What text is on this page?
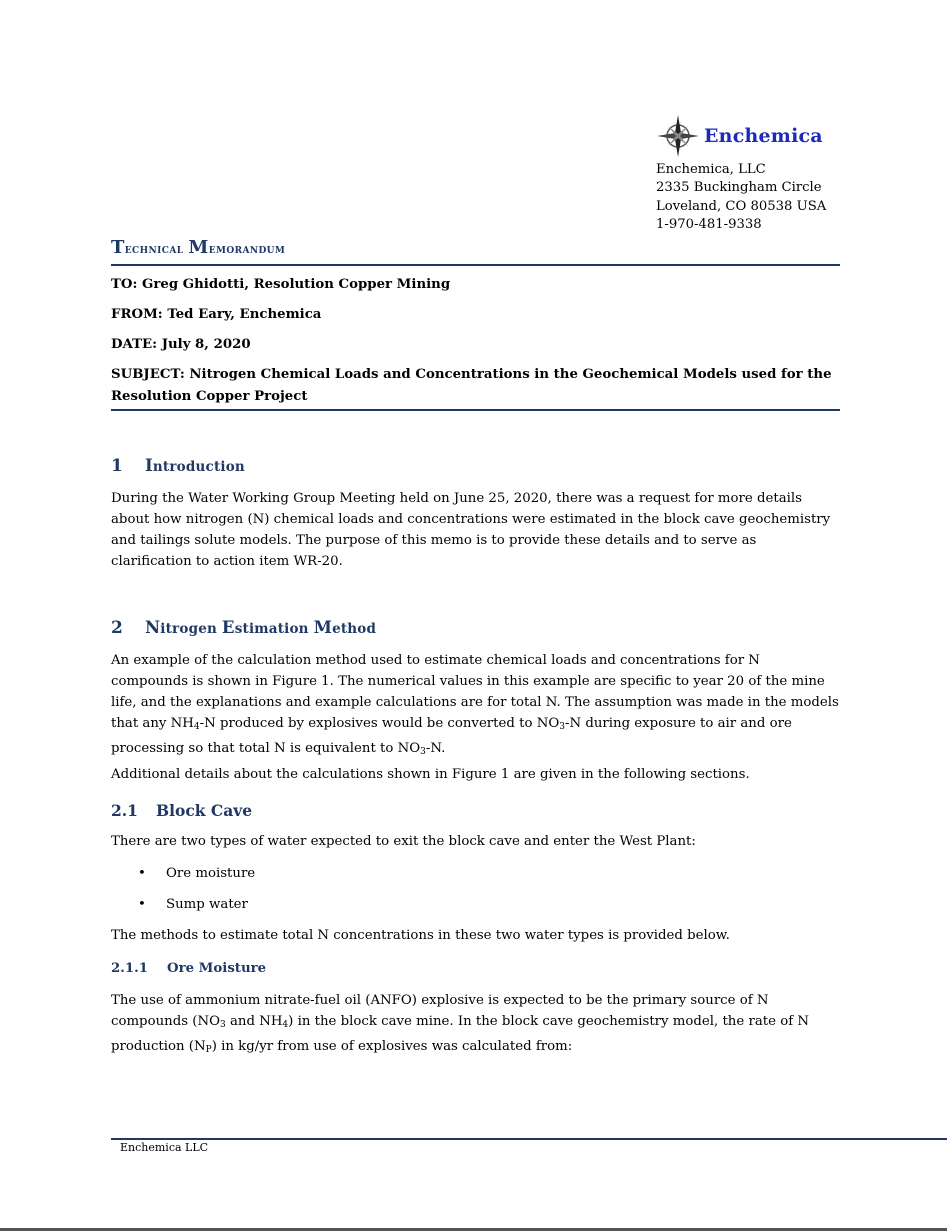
Enchemica
Enchemica, LLC
2335 Buckingham Circle
Loveland, CO 80538 USA
1-970-481-9338
Technical Memorandum
TO: Greg Ghidotti, Resolution Copper Mining
FROM: Ted Eary, Enchemica
DATE: July 8, 2020
SUBJECT: Nitrogen Chemical Loads and Concentrations in the Geochemical Models used for the Resolution Copper Project
1 Introduction
During the Water Working Group Meeting held on June 25, 2020, there was a request for more details about how nitrogen (N) chemical loads and concentrations were estimated in the block cave geochemistry and tailings solute models. The purpose of this memo is to provide these details and to serve as clarification to action item WR-20.
2 Nitrogen Estimation Method
An example of the calculation method used to estimate chemical loads and concentrations for N compounds is shown in Figure 1. The numerical values in this example are specific to year 20 of the mine life, and the explanations and example calculations are for total N. The assumption was made in the models that any $NH_4-N$ produced by explosives would be converted to $NO_3-N$ during exposure to air and ore processing so that total N is equivalent to $NO_3-N$.
Additional details about the calculations shown in Figure 1 are given in the following sections.
2.1 Block Cave
There are two types of water expected to exit the block cave and enter the West Plant:
• Ore moisture
• Sump water
The methods to estimate total N concentrations in these two water types is provided below.
2.1.1 Ore Moisture
The use of ammonium nitrate-fuel oil (ANFO) explosive is expected to be the primary source of N compounds ($NO_3$ and $NH_4$) in the block cave mine. In the block cave geochemistry model, the rate of N production $(N_P)$ in kg/yr from use of explosives was calculated from:
Enchemica LLC
